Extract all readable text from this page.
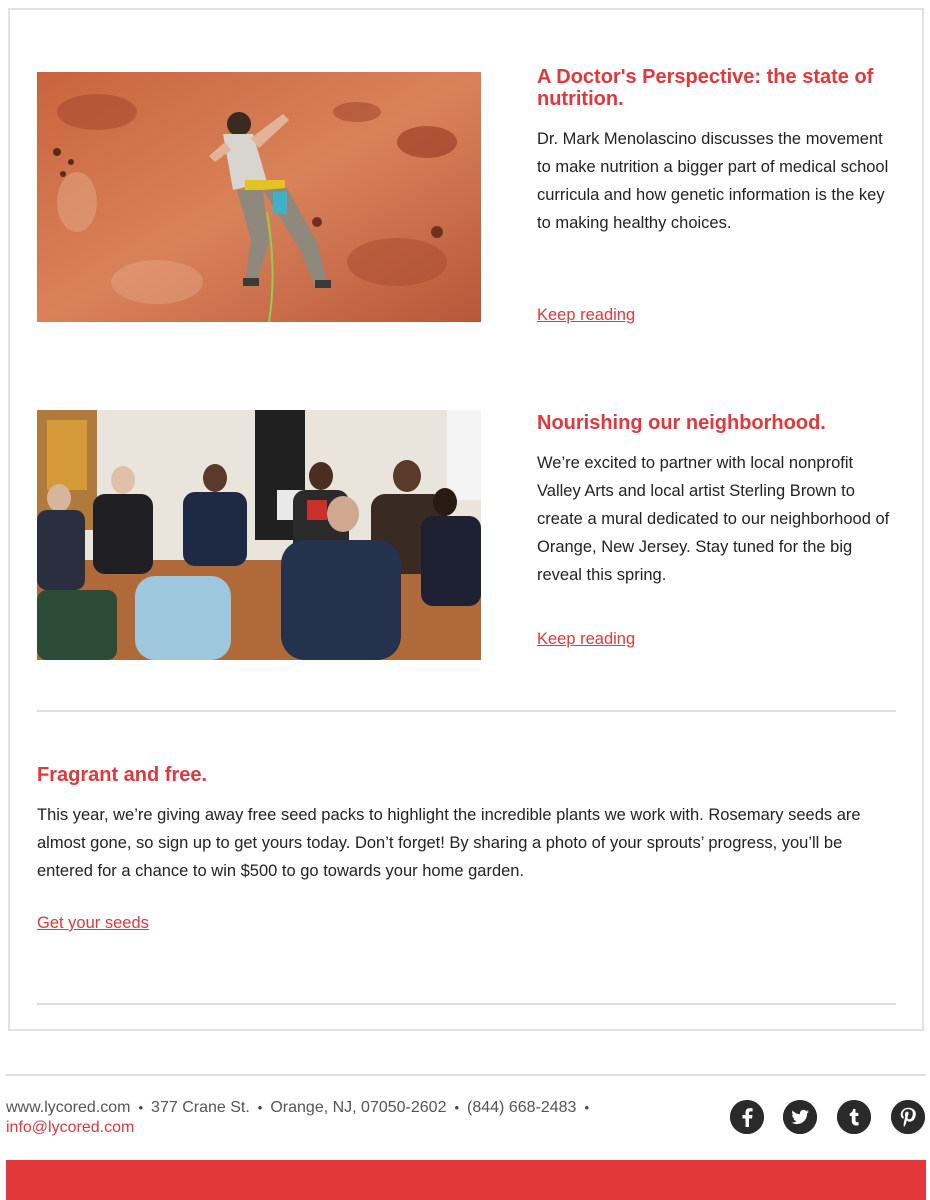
A Doctor's Perspective: the state of nutrition.

Dr. Mark Menolascino discusses the movement to make nutrition a bigger part of medical school curricula and how genetic information is the key to making healthy choices.

Keep reading
Nourishing our neighborhood.

We’re excited to partner with local nonprofit Valley Arts and local artist Sterling Brown to create a mural dedicated to our neighborhood of Orange, New Jersey. Stay tuned for the big reveal this spring.

Keep reading
Fragrant and free.

This year, we’re giving away free seed packs to highlight the incredible plants we work with. Rosemary seeds are almost gone, so sign up to get yours today. Don’t forget! By sharing a photo of your sprouts’ progress, you’ll be entered for a chance to win $500 to go towards your home garden.

Get your seeds
www.lycored.com • 377 Crane St. • Orange, NJ, 07050-2602 • (844) 668-2483 •
info@lycored.com
